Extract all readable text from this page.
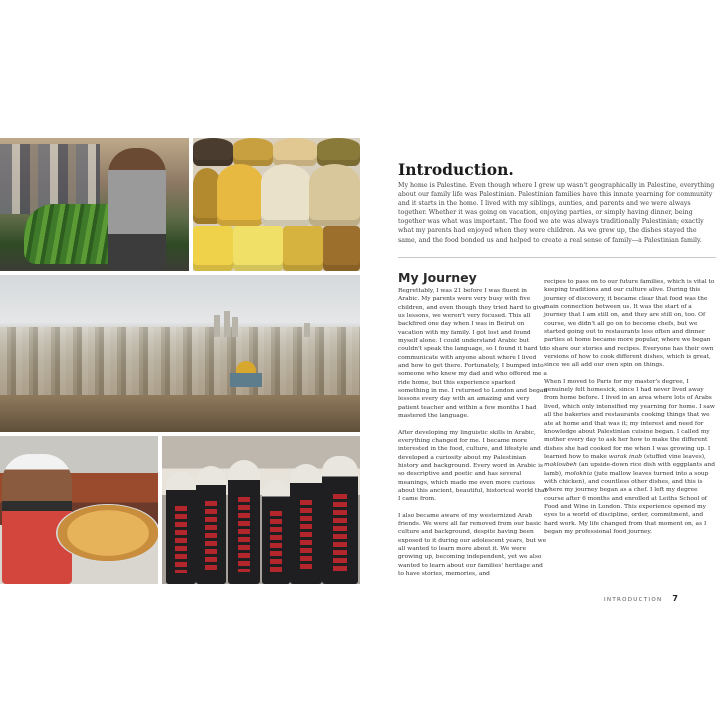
Introduction.

My home is Palestine. Even though where I grew up wasn't geographically in Palestine, everything about our family life was Palestinian. Palestinian families have this innate yearning for community and it starts in the home. I lived with my siblings, aunties, and parents and we were always together. Whether it was going on vacation, enjoying parties, or simply having dinner, being together was what was important. The food we ate was always traditionally Palestinian; exactly what my parents had enjoyed when they were children. As we grew up, the dishes stayed the same, and the food bonded us and helped to create a real sense of family—a Palestinian family.

My Journey

Regrettably, I was 21 before I was fluent in Arabic. My parents were very busy with five children, and even though they tried hard to give us lessons, we weren't very focused. This all backfired one day when I was in Beirut on vacation with my family. I got lost and found myself alone. I could understand Arabic but couldn't speak the language, so I found it hard to communicate with anyone about where I lived and how to get there. Fortunately, I bumped into someone who knew my dad and who offered me a ride home, but this experience sparked something in me. I returned to London and began lessons every day with an amazing and very patient teacher and within a few months I had mastered the language.

After developing my linguistic skills in Arabic, everything changed for me. I became more interested in the food, culture, and lifestyle and developed a curiosity about my Palestinian history and background. Every word in Arabic is so descriptive and poetic and has several meanings, which made me even more curious about this ancient, beautiful, historical world that I came from.

I also became aware of my westernized Arab friends. We were all far removed from our basic culture and background, despite having been exposed to it during our adolescent years, but we all wanted to learn more about it. We were growing up, becoming independent, yet we also wanted to learn about our families' heritage and to have stories, memories, and

recipes to pass on to our future families, which is vital to keeping traditions and our culture alive. During this journey of discovery, it became clear that food was the main connection between us. It was the start of a journey that I am still on, and they are still on, too. Of course, we didn't all go on to become chefs, but we started going out to restaurants less often and dinner parties at home became more popular, where we began to share our stories and recipes. Everyone has their own versions of how to cook different dishes, which is great, since we all add our own spin on things.

When I moved to Paris for my master's degree, I genuinely felt homesick, since I had never lived away from home before. I lived in an area where lots of Arabs lived, which only intensified my yearning for home. I saw all the bakeries and restaurants cooking things that we ate at home and that was it; my interest and need for knowledge about Palestinian cuisine began. I called my mother every day to ask her how to make the different dishes she had cooked for me when I was growing up. I learned how to make warak inab (stuffed vine leaves), makloubeh (an upside-down rice dish with eggplants and lamb), molokhia (jute mallow leaves turned into a soup with chicken), and countless other dishes, and this is where my journey began as a chef. I left my degree course after 6 months and enrolled at Leiths School of Food and Wine in London. This experience opened my eyes to a world of discipline, order, commitment, and hard work. My life changed from that moment on, as I began my professional food journey.

INTRODUCTION 7
